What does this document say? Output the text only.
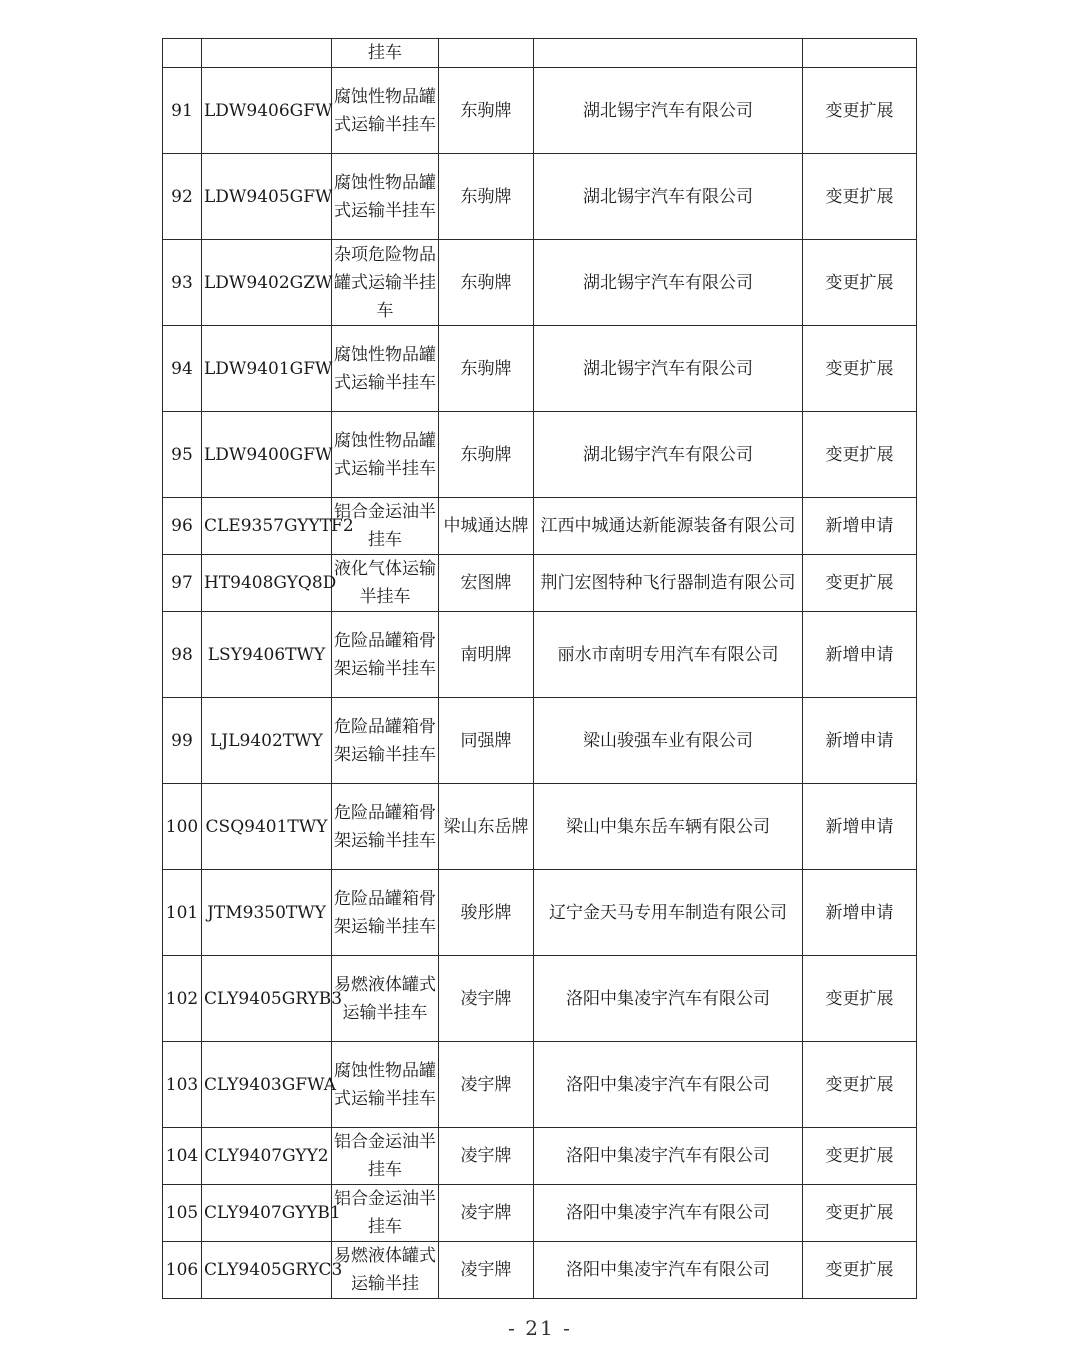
		挂车			
91	LDW9406GFW	腐蚀性物品罐式运输半挂车	东驹牌	湖北锡宇汽车有限公司	变更扩展
92	LDW9405GFW	腐蚀性物品罐式运输半挂车	东驹牌	湖北锡宇汽车有限公司	变更扩展
93	LDW9402GZW	杂项危险物品罐式运输半挂车	东驹牌	湖北锡宇汽车有限公司	变更扩展
94	LDW9401GFW	腐蚀性物品罐式运输半挂车	东驹牌	湖北锡宇汽车有限公司	变更扩展
95	LDW9400GFW	腐蚀性物品罐式运输半挂车	东驹牌	湖北锡宇汽车有限公司	变更扩展
96	CLE9357GYYTF2	铝合金运油半挂车	中城通达牌	江西中城通达新能源装备有限公司	新增申请
97	HT9408GYQ8D	液化气体运输半挂车	宏图牌	荆门宏图特种飞行器制造有限公司	变更扩展
98	LSY9406TWY	危险品罐箱骨架运输半挂车	南明牌	丽水市南明专用汽车有限公司	新增申请
99	LJL9402TWY	危险品罐箱骨架运输半挂车	同强牌	梁山骏强车业有限公司	新增申请
100	CSQ9401TWY	危险品罐箱骨架运输半挂车	梁山东岳牌	梁山中集东岳车辆有限公司	新增申请
101	JTM9350TWY	危险品罐箱骨架运输半挂车	骏彤牌	辽宁金天马专用车制造有限公司	新增申请
102	CLY9405GRYB3	易燃液体罐式运输半挂车	凌宇牌	洛阳中集凌宇汽车有限公司	变更扩展
103	CLY9403GFWA	腐蚀性物品罐式运输半挂车	凌宇牌	洛阳中集凌宇汽车有限公司	变更扩展
104	CLY9407GYY2	铝合金运油半挂车	凌宇牌	洛阳中集凌宇汽车有限公司	变更扩展
105	CLY9407GYYB1	铝合金运油半挂车	凌宇牌	洛阳中集凌宇汽车有限公司	变更扩展
106	CLY9405GRYC3	易燃液体罐式运输半挂	凌宇牌	洛阳中集凌宇汽车有限公司	变更扩展
- 21 -
